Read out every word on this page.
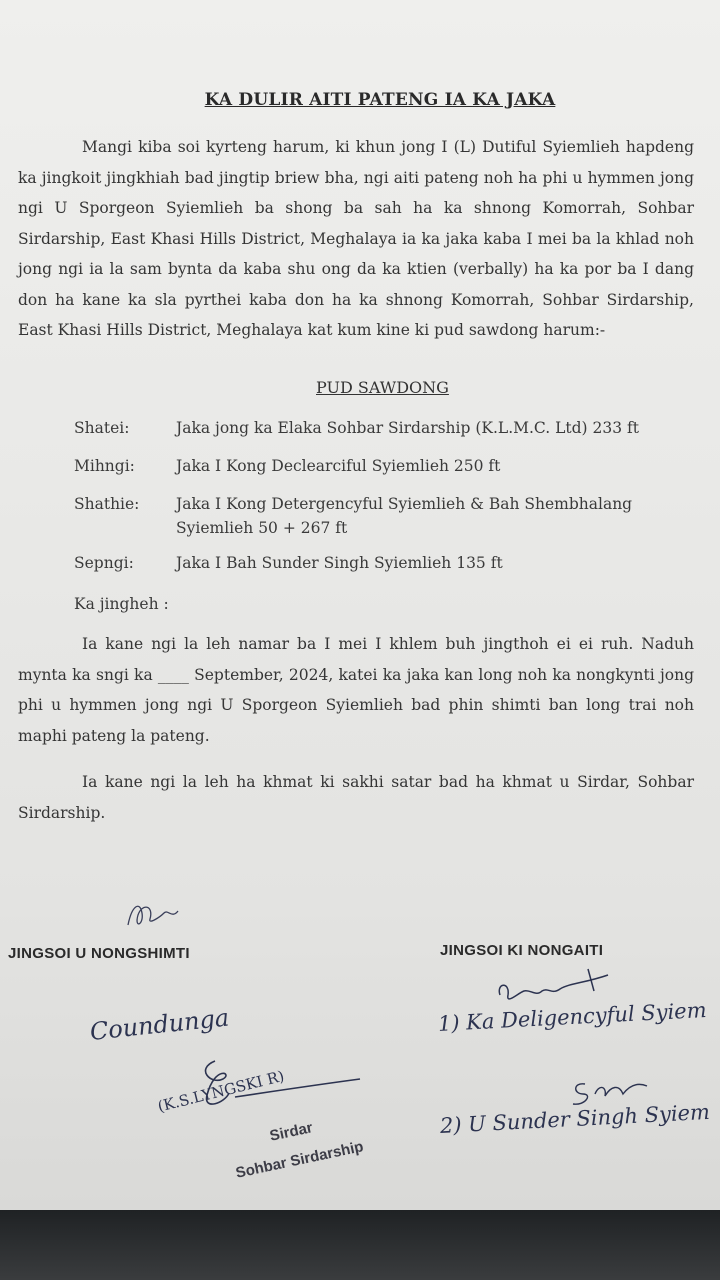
KA DULIR AITI PATENG IA KA JAKA
Mangi kiba soi kyrteng harum, ki khun jong I (L) Dutiful Syiemlieh hapdeng ka jingkoit jingkhiah bad jingtip briew bha, ngi aiti pateng noh ha phi u hymmen jong ngi U Sporgeon Syiemlieh ba shong ba sah ha ka shnong Komorrah, Sohbar Sirdarship, East Khasi Hills District, Meghalaya ia ka jaka kaba I mei ba la khlad noh jong ngi ia la sam bynta da kaba shu ong da ka ktien (verbally) ha ka por ba I dang don ha kane ka sla pyrthei kaba don ha ka shnong Komorrah, Sohbar Sirdarship, East Khasi Hills District, Meghalaya kat kum kine ki pud sawdong harum:-
PUD SAWDONG
Shatei:	Jaka jong ka Elaka Sohbar Sirdarship (K.L.M.C. Ltd) 233 ft
Mihngi:	Jaka I Kong Declearciful Syiemlieh 250 ft
Shathie:	Jaka I Kong Detergencyful Syiemlieh & Bah Shembhalang Syiemlieh 50 + 267 ft
Sepngi:	Jaka I Bah Sunder Singh Syiemlieh 135 ft
Ka jingheh :
Ia kane ngi la leh namar ba I mei I khlem buh jingthoh ei ei ruh. Naduh mynta ka sngi ka ____ September, 2024, katei ka jaka kan long noh ka nongkynti jong phi u hymmen jong ngi U Sporgeon Syiemlieh bad phin shimti ban long trai noh maphi pateng la pateng.
Ia kane ngi la leh ha khmat ki sakhi satar bad ha khmat u Sirdar, Sohbar Sirdarship.
JINGSOI U NONGSHIMTI	JINGSOI KI NONGAITI
Coundunga
(K.S.LYNGSKI R)
Sirdar
Sohbar Sirdarship
1) Ka Deligencyful Syiem
2) U Sunder Singh Syiem
